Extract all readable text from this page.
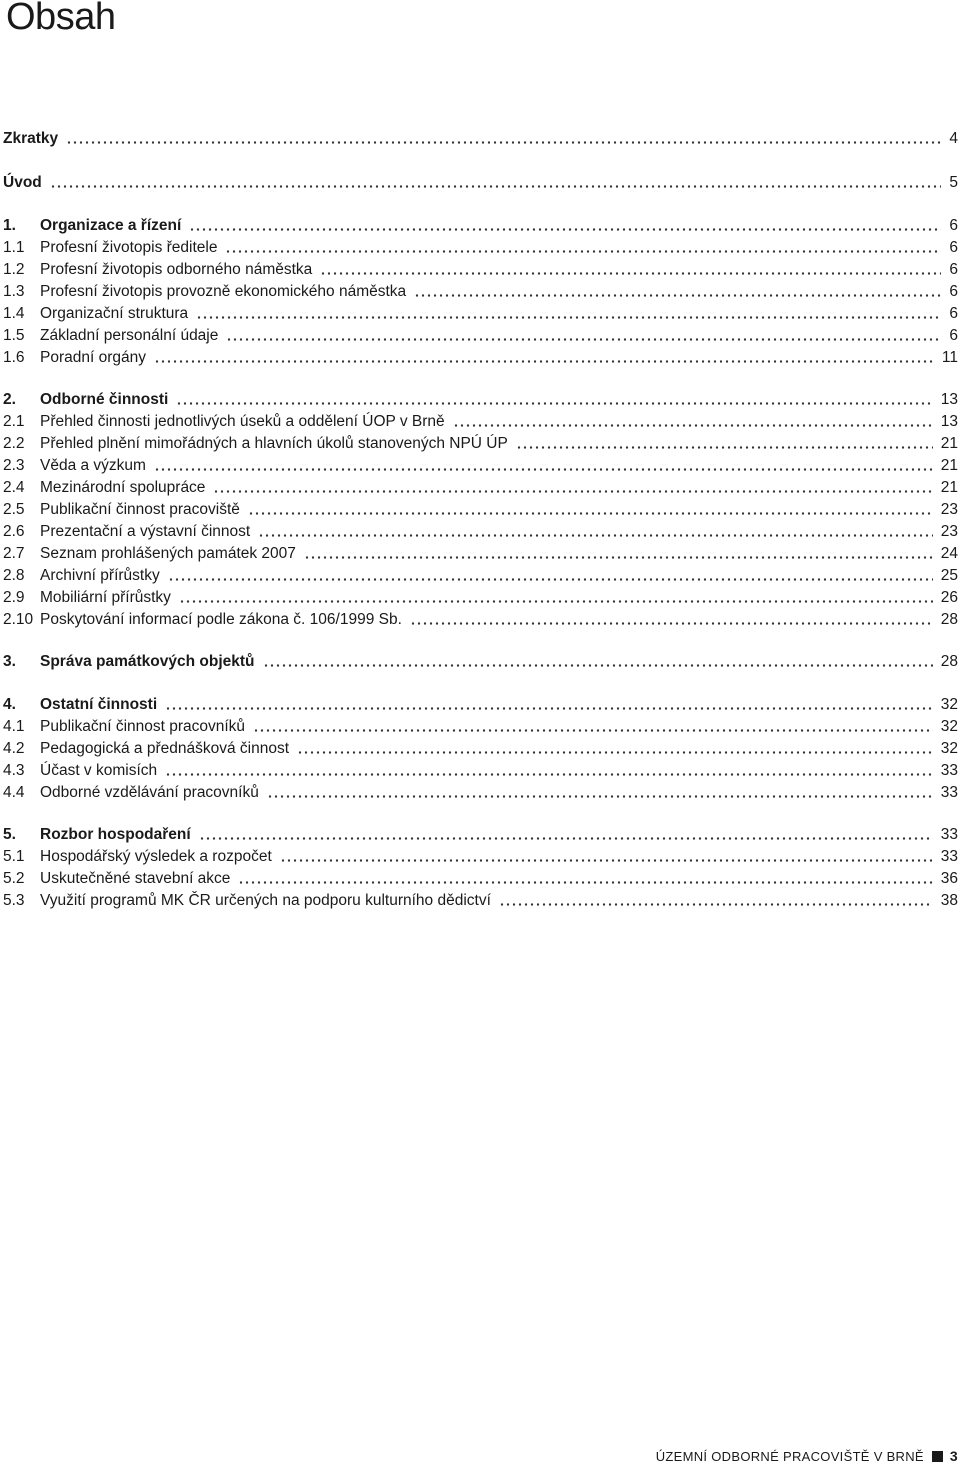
Obsah
Zkratky	4
Úvod	5
1.	Organizace a řízení	6
1.1 Profesní životopis ředitele	6
1.2 Profesní životopis odborného náměstka	6
1.3 Profesní životopis provozně ekonomického náměstka	6
1.4 Organizační struktura	6
1.5 Základní personální údaje	6
1.6 Poradní orgány	11
2.	Odborné činnosti	13
2.1 Přehled činnosti jednotlivých úseků a oddělení ÚOP v Brně	13
2.2 Přehled plnění mimořádných a hlavních úkolů stanovených NPÚ ÚP	21
2.3 Věda a výzkum	21
2.4 Mezinárodní spolupráce	21
2.5 Publikační činnost pracoviště	23
2.6 Prezentační a výstavní činnost	23
2.7 Seznam prohlášených památek 2007	24
2.8 Archivní přírůstky	25
2.9 Mobiliární přírůstky	26
2.10 Poskytování informací podle zákona č. 106/1999 Sb.	28
3.	Správa památkových objektů	28
4.	Ostatní činnosti	32
4.1 Publikační činnost pracovníků	32
4.2 Pedagogická a přednášková činnost	32
4.3 Účast v komisích	33
4.4 Odborné vzdělávání pracovníků	33
5.	Rozbor hospodaření	33
5.1 Hospodářský výsledek a rozpočet	33
5.2 Uskutečněné stavební akce	36
5.3 Využití programů MK ČR určených na podporu kulturního dědictví	38
ÚZEMNÍ ODBORNÉ PRACOVIŠTĚ V BRNĚ 3
